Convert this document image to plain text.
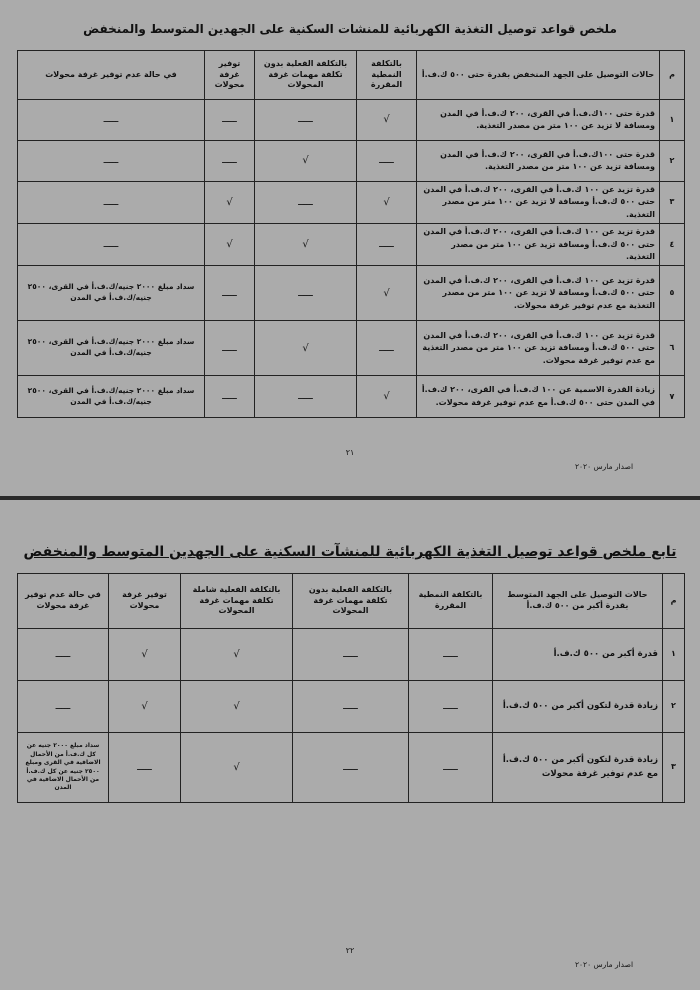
ملخص قواعد توصيل التغذية الكهربائية للمنشات السكنية على الجهدين المتوسط والمنخفض
م	حالات التوصيل على الجهد المنخفض بقدرة حتى ٥٠٠ ك.ف.أ	بالتكلفة النمطية المقررة	بالتكلفة الفعلية بدون تكلفة مهمات غرفة المحولات	توفير غرفة محولات	في حالة عدم توفير غرفة محولات
١	قدرة حتى ١٠٠ك.ف.أ في القرى، ٢٠٠ ك.ف.أ في المدن ومسافة لا تزيد عن ١٠٠ متر من مصدر التغذية.	√	ـــــ	ـــــ	ـــــ
٢	قدرة حتى ١٠٠ك.ف.أ في القرى، ٢٠٠ ك.ف.أ في المدن ومسافة تزيد عن ١٠٠ متر من مصدر التغذية.	ـــــ	√	ـــــ	ـــــ
٣	قدرة تزيد عن ١٠٠ ك.ف.أ في القرى، ٢٠٠ ك.ف.أ في المدن حتى ٥٠٠ ك.ف.أ ومسافة لا تزيد عن ١٠٠ متر من مصدر التغذية.	√	ـــــ	√	ـــــ
٤	قدرة تزيد عن ١٠٠ ك.ف.أ في القرى، ٢٠٠ ك.ف.أ في المدن حتى ٥٠٠ ك.ف.أ ومسافة تزيد عن ١٠٠ متر من مصدر التغذية.	ـــــ	√	√	ـــــ
٥	قدرة تزيد عن ١٠٠ ك.ف.أ في القرى، ٢٠٠ ك.ف.أ في المدن حتى ٥٠٠ ك.ف.أ ومسافة لا تزيد عن ١٠٠ متر من مصدر التغذية مع عدم توفير غرفة محولات.	√	ـــــ	ـــــ	سداد مبلغ ٢٠٠٠ جنيه/ك.ف.أ في القرى، ٢٥٠٠ جنيه/ك.ف.أ في المدن
٦	قدرة تزيد عن ١٠٠ ك.ف.أ في القرى، ٢٠٠ ك.ف.أ في المدن حتى ٥٠٠ ك.ف.أ ومسافة تزيد عن ١٠٠ متر من مصدر التغذية مع عدم توفير غرفة محولات.	ـــــ	√	ـــــ	سداد مبلغ ٢٠٠٠ جنيه/ك.ف.أ في القرى، ٢٥٠٠ جنيه/ك.ف.أ في المدن
٧	زيادة القدرة الاسمية عن ١٠٠ ك.ف.أ في القرى، ٢٠٠ ك.ف.أ في المدن حتى ٥٠٠ ك.ف.أ مع عدم توفير غرفة محولات.	√	ـــــ	ـــــ	سداد مبلغ ٢٠٠٠ جنيه/ك.ف.أ في القرى، ٢٥٠٠ جنيه/ك.ف.أ في المدن
٢١
اصدار مارس ٢٠٢٠
تابع ملخص قواعد توصيل التغذية الكهربائية للمنشآت السكنية على الجهدين المتوسط والمنخفض
م	حالات التوصيل على الجهد المتوسط بقدرة أكبر من ٥٠٠ ك.ف.أ	بالتكلفة النمطية المقررة	بالتكلفة الفعلية بدون تكلفة مهمات غرفة المحولات	بالتكلفة الفعلية شاملة تكلفة مهمات غرفة المحولات	توفير غرفة محولات	في حالة عدم توفير غرفة محولات
١	قدرة أكبر من ٥٠٠ ك.ف.أ	ـــــ	ـــــ	√	√	ـــــ
٢	زيادة قدرة لتكون أكبر من ٥٠٠ ك.ف.أ	ـــــ	ـــــ	√	√	ـــــ
٣	زيادة قدرة لتكون أكبر من ٥٠٠ ك.ف.أ مع عدم توفير غرفة محولات	ـــــ	ـــــ	√	ـــــ	سداد مبلغ ٢٠٠٠ جنيه عن كل ك.ف.أ من الأحمال الاضافية في القرى ومبلغ ٢٥٠٠ جنيه عن كل ك.ف.أ من الأحمال الاضافية في المدن
٢٢
اصدار مارس ٢٠٢٠
